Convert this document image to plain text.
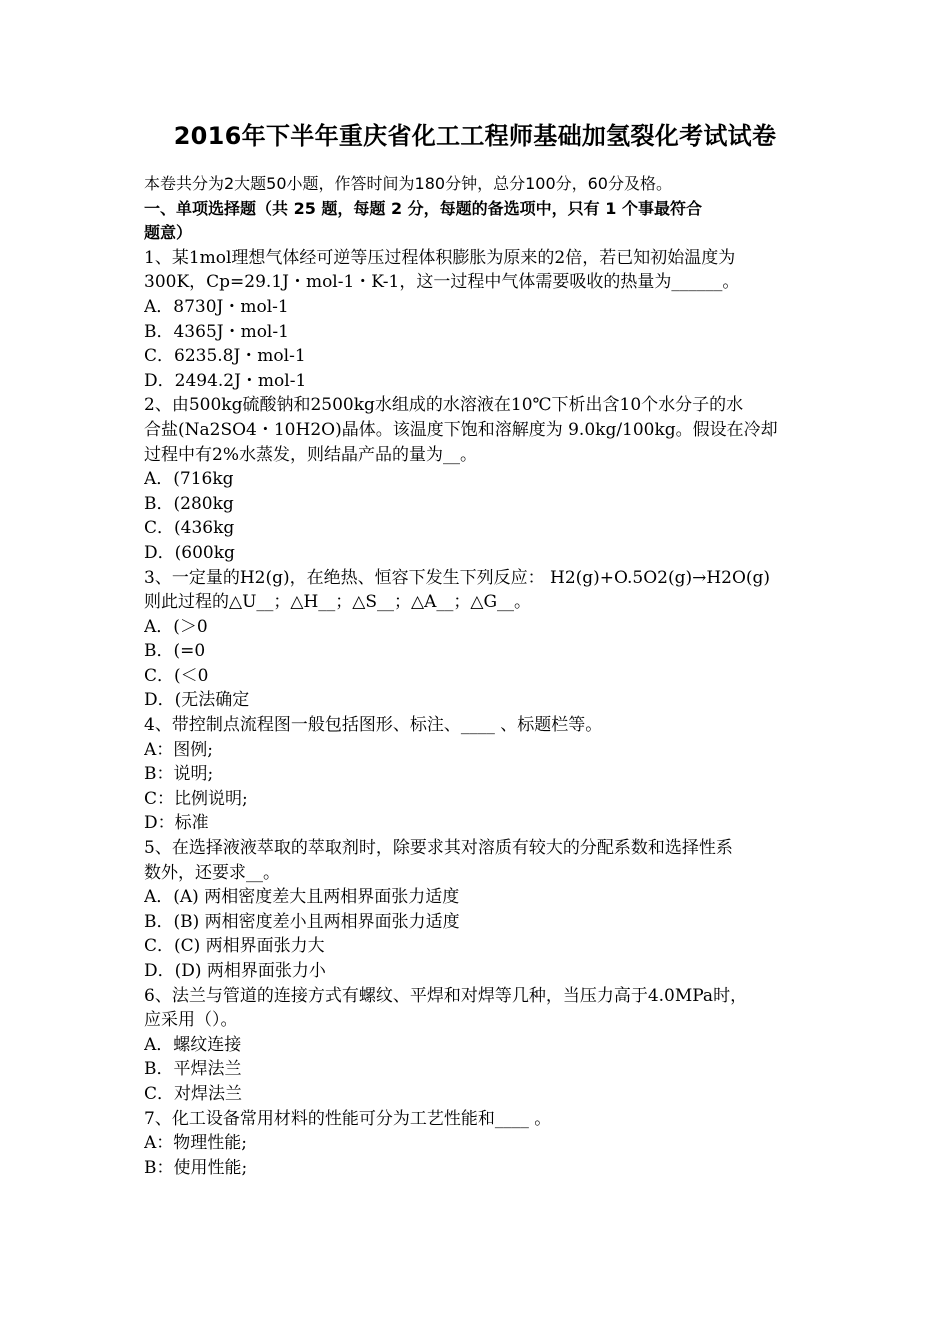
2016年下半年重庆省化工工程师基础加氢裂化考试试卷
本卷共分为2大题50小题，作答时间为180分钟，总分100分，60分及格。
一、单项选择题（共 25 题，每题 2 分，每题的备选项中，只有 1 个事最符合
题意）
1、某1mol理想气体经可逆等压过程体积膨胀为原来的2倍，若已知初始温度为
300K，Cp=29.1J・mol-1・K-1，这一过程中气体需要吸收的热量为______。
A．8730J・mol-1
B．4365J・mol-1
C．6235.8J・mol-1
D．2494.2J・mol-1
2、由500kg硫酸钠和2500kg水组成的水溶液在10℃下析出含10个水分子的水
合盐(Na2SO4・10H2O)晶体。该温度下饱和溶解度为 9.0kg/100kg。假设在冷却
过程中有2%水蒸发，则结晶产品的量为__。
A．(716kg
B．(280kg
C．(436kg
D．(600kg
3、一定量的H2(g)，在绝热、恒容下发生下列反应： H2(g)+O.5O2(g)→H2O(g)
则此过程的△U__；△H__；△S__；△A__；△G__。
A．(＞0
B．(=0
C．(＜0
D．(无法确定
4、带控制点流程图一般包括图形、标注、____ 、标题栏等。
A：图例;
B：说明;
C：比例说明;
D：标准
5、在选择液液萃取的萃取剂时，除要求其对溶质有较大的分配系数和选择性系
数外，还要求__。
A．(A) 两相密度差大且两相界面张力适度
B．(B) 两相密度差小且两相界面张力适度
C．(C) 两相界面张力大
D．(D) 两相界面张力小
6、法兰与管道的连接方式有螺纹、平焊和对焊等几种，当压力高于4.0MPa时，
应采用（）。
A．螺纹连接
B．平焊法兰
C．对焊法兰
7、化工设备常用材料的性能可分为工艺性能和____ 。
A：物理性能;
B：使用性能;
